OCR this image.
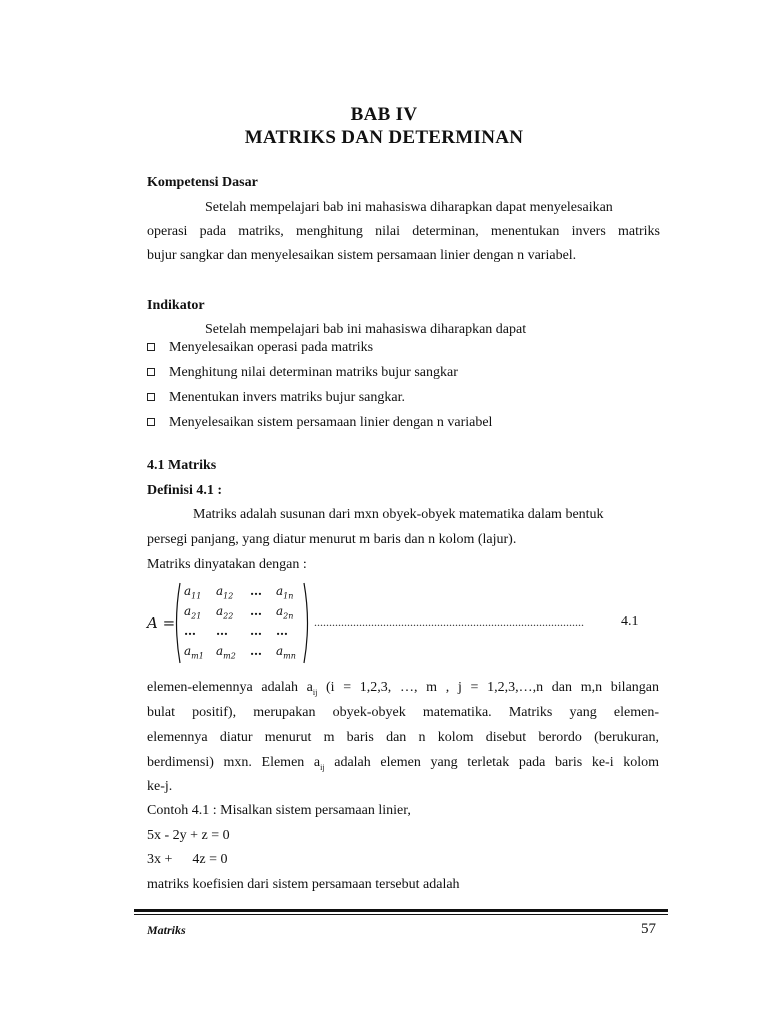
BAB IV
MATRIKS DAN DETERMINAN
Kompetensi Dasar
Setelah mempelajari bab ini mahasiswa diharapkan dapat menyelesaikan
operasi pada matriks, menghitung nilai determinan, menentukan invers matriks
bujur sangkar dan menyelesaikan sistem persamaan linier dengan n variabel.
Indikator
Setelah mempelajari bab ini mahasiswa diharapkan dapat
Menyelesaikan operasi pada matriks
Menghitung nilai determinan matriks bujur sangkar
Menentukan invers matriks bujur sangkar.
Menyelesaikan sistem persamaan linier dengan n variabel
4.1 Matriks
Definisi 4.1 :
Matriks adalah susunan dari mxn obyek-obyek matematika dalam bentuk
persegi panjang, yang diatur menurut m baris dan n kolom (lajur).
Matriks dinyatakan dengan :
A =
$a_{11}$ $a_{12}$ … $a_{1n}$
$a_{21}$ $a_{22}$ … $a_{2n}$
… … … …
$a_{m1}$ $a_{m2}$ … $a_{mn}$
..........................................................................................	4.1
elemen-elemennya adalah $a_{ij}$ (i = 1,2,3, …, m , j = 1,2,3,…,n dan m,n bilangan
bulat positif), merupakan obyek-obyek matematika. Matriks yang elemen-
elemennya diatur menurut m baris dan n kolom disebut berordo (berukuran,
berdimensi) mxn. Elemen $a_{ij}$ adalah elemen yang terletak pada baris ke-i kolom
ke-j.
Contoh 4.1 : Misalkan sistem persamaan linier,
5x - 2y + z = 0
3x + 4z = 0
matriks koefisien dari sistem persamaan tersebut adalah
Matriks	57
